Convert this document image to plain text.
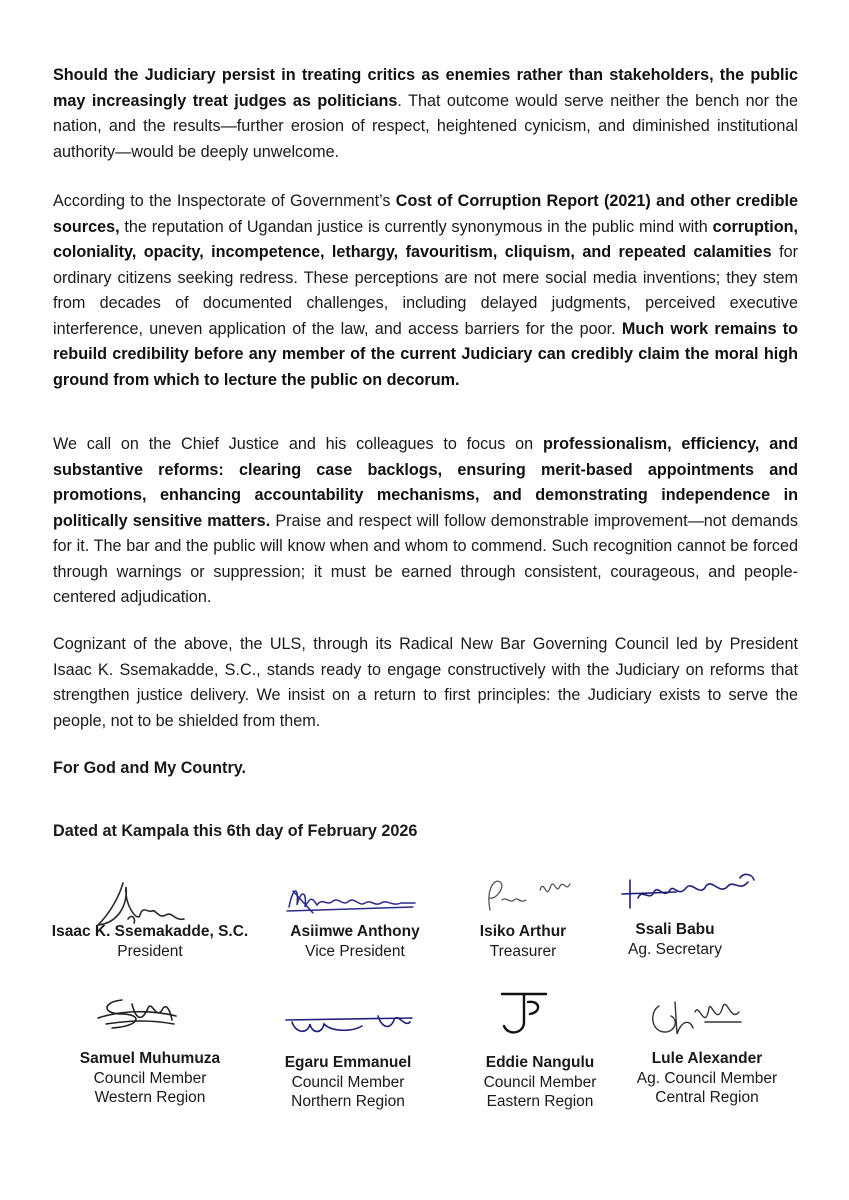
Should the Judiciary persist in treating critics as enemies rather than stakeholders, the public may increasingly treat judges as politicians. That outcome would serve neither the bench nor the nation, and the results—further erosion of respect, heightened cynicism, and diminished institutional authority—would be deeply unwelcome.

According to the Inspectorate of Government’s Cost of Corruption Report (2021) and other credible sources, the reputation of Ugandan justice is currently synonymous in the public mind with corruption, coloniality, opacity, incompetence, lethargy, favouritism, cliquism, and repeated calamities for ordinary citizens seeking redress. These perceptions are not mere social media inventions; they stem from decades of documented challenges, including delayed judgments, perceived executive interference, uneven application of the law, and access barriers for the poor. Much work remains to rebuild credibility before any member of the current Judiciary can credibly claim the moral high ground from which to lecture the public on decorum.

We call on the Chief Justice and his colleagues to focus on professionalism, efficiency, and substantive reforms: clearing case backlogs, ensuring merit-based appointments and promotions, enhancing accountability mechanisms, and demonstrating independence in politically sensitive matters. Praise and respect will follow demonstrable improvement—not demands for it. The bar and the public will know when and whom to commend. Such recognition cannot be forced through warnings or suppression; it must be earned through consistent, courageous, and people-centered adjudication.

Cognizant of the above, the ULS, through its Radical New Bar Governing Council led by President Isaac K. Ssemakadde, S.C., stands ready to engage constructively with the Judiciary on reforms that strengthen justice delivery. We insist on a return to first principles: the Judiciary exists to serve the people, not to be shielded from them.

For God and My Country.

Dated at Kampala this 6th day of February 2026

Isaac K. Ssemakadde, S.C.
President
Asiimwe Anthony
Vice President
Isiko Arthur
Treasurer
Ssali Babu
Ag. Secretary
Samuel Muhumuza
Council Member
Western Region
Egaru Emmanuel
Council Member
Northern Region
Eddie Nangulu
Council Member
Eastern Region
Lule Alexander
Ag. Council Member
Central Region
